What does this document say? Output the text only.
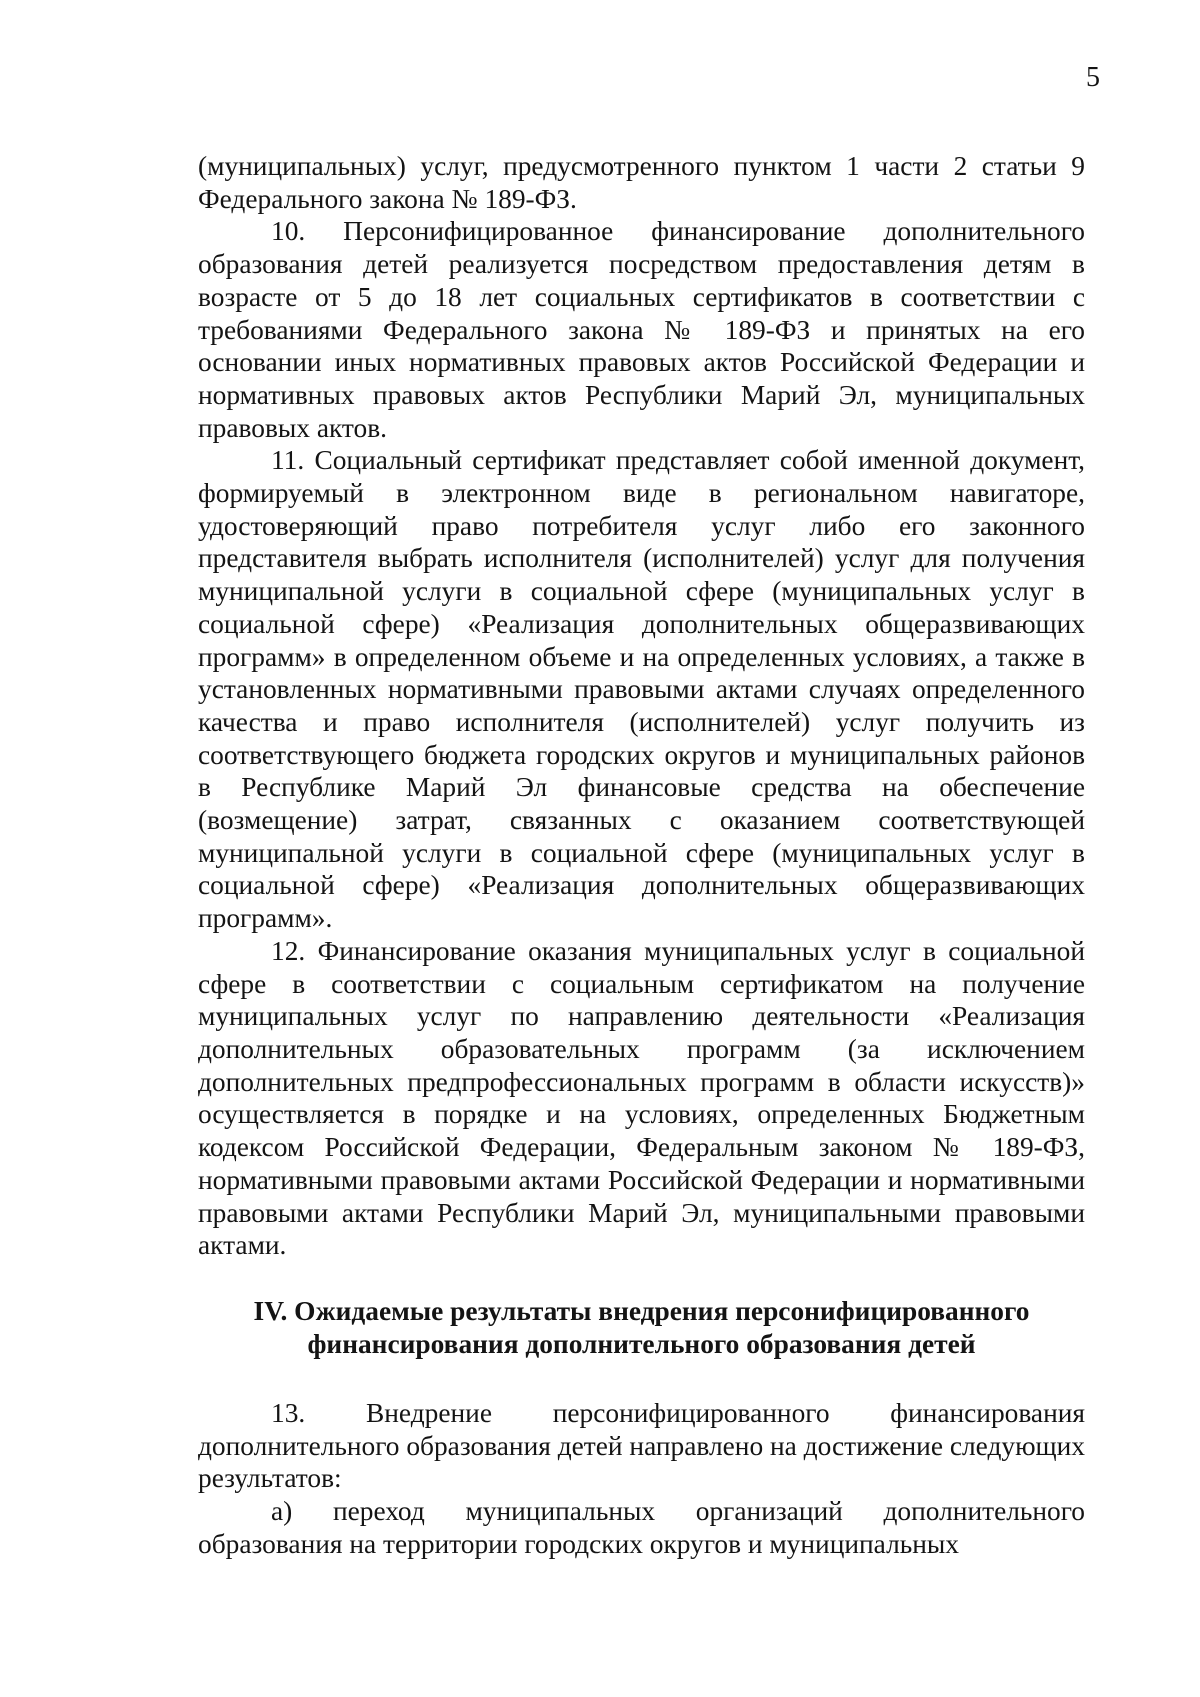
5

(муниципальных) услуг, предусмотренного пунктом 1 части 2 статьи 9 Федерального закона № 189-ФЗ.

10. Персонифицированное финансирование дополнительного образования детей реализуется посредством предоставления детям в возрасте от 5 до 18 лет социальных сертификатов в соответствии с требованиями Федерального закона № 189-ФЗ и принятых на его основании иных нормативных правовых актов Российской Федерации и нормативных правовых актов Республики Марий Эл, муниципальных правовых актов.

11. Социальный сертификат представляет собой именной документ, формируемый в электронном виде в региональном навигаторе, удостоверяющий право потребителя услуг либо его законного представителя выбрать исполнителя (исполнителей) услуг для получения муниципальной услуги в социальной сфере (муниципальных услуг в социальной сфере) «Реализация дополнительных общеразвивающих программ» в определенном объеме и на определенных условиях, а также в установленных нормативными правовыми актами случаях определенного качества и право исполнителя (исполнителей) услуг получить из соответствующего бюджета городских округов и муниципальных районов в Республике Марий Эл финансовые средства на обеспечение (возмещение) затрат, связанных с оказанием соответствующей муниципальной услуги в социальной сфере (муниципальных услуг в социальной сфере) «Реализация дополнительных общеразвивающих программ».

12. Финансирование оказания муниципальных услуг в социальной сфере в соответствии с социальным сертификатом на получение муниципальных услуг по направлению деятельности «Реализация дополнительных образовательных программ (за исключением дополнительных предпрофессиональных программ в области искусств)» осуществляется в порядке и на условиях, определенных Бюджетным кодексом Российской Федерации, Федеральным законом № 189-ФЗ, нормативными правовыми актами Российской Федерации и нормативными правовыми актами Республики Марий Эл, муниципальными правовыми актами.

IV. Ожидаемые результаты внедрения персонифицированного
финансирования дополнительного образования детей

13. Внедрение персонифицированного финансирования дополнительного образования детей направлено на достижение следующих результатов:

а) переход муниципальных организаций дополнительного образования на территории городских округов и муниципальных
